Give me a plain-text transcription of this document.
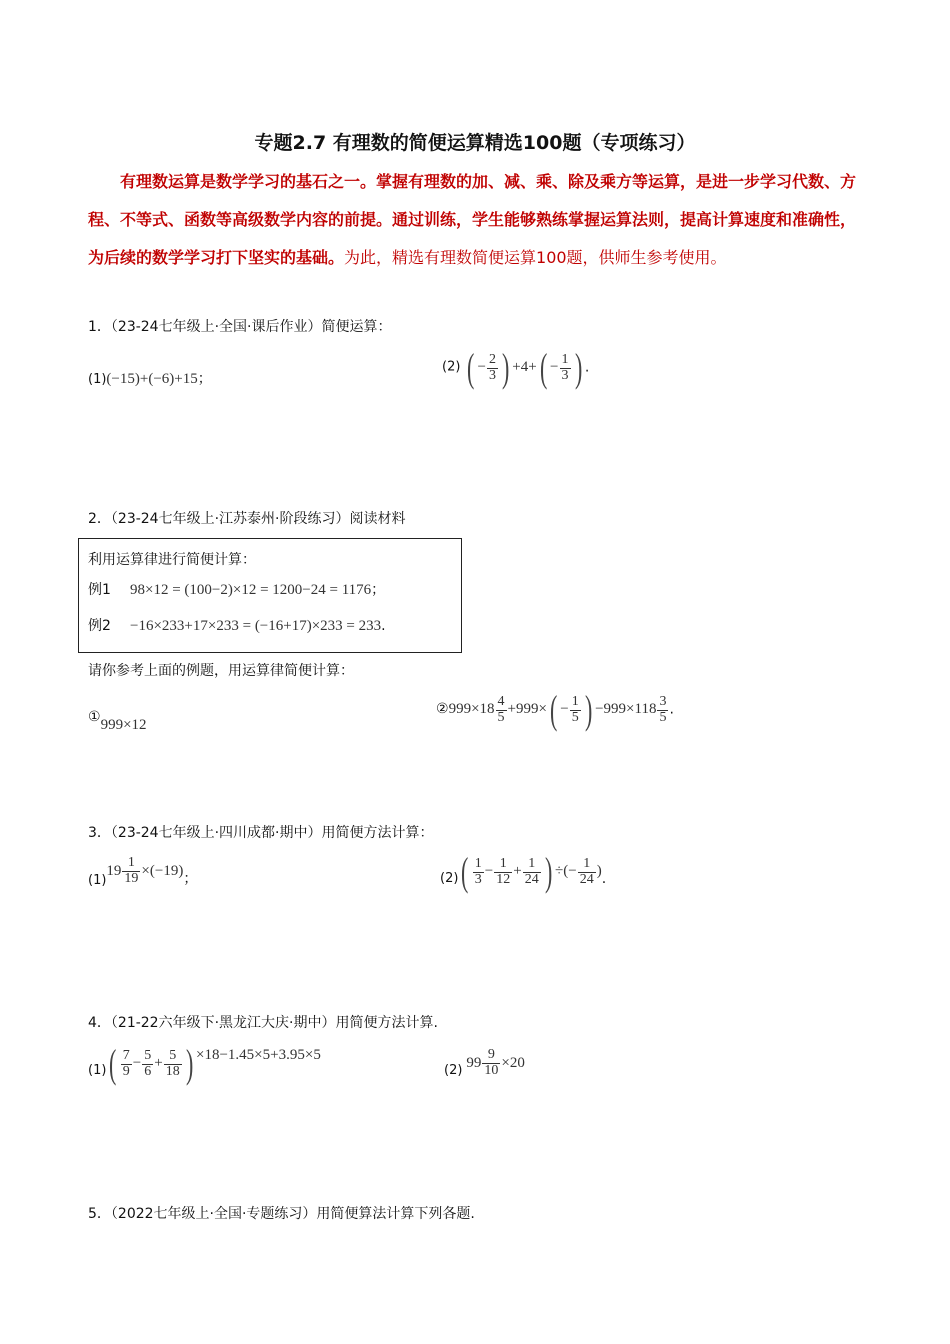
专题2.7 有理数的简便运算精选100题（专项练习）
有理数运算是数学学习的基石之一。掌握有理数的加、减、乘、除及乘方等运算，是进一步学习代数、方程、不等式、函数等高级数学内容的前提。通过训练，学生能够熟练掌握运算法则，提高计算速度和准确性，为后续的数学学习打下坚实的基础。为此，精选有理数简便运算100题，供师生参考使用。
1．（23-24七年级上·全国·课后作业）简便运算：
(1)(−15)+(−6)+15；
(2) ( − $\frac{2}{3}$ ) $+4+( - \frac{1}{3}$ ) .
2．（23-24七年级上·江苏泰州·阶段练习）阅读材料
利用运算律进行简便计算：
例1 98×12 = (100−2)×12 = 1200−24 = 1176；
例2 −16×233+17×233 = (−16+17)×233 = 233.
请你参考上面的例题，用运算律简便计算：
①999×12
②999×18 $\frac{4}{5} +999\times( - \frac{1}{5}$ ) $-999\times 118 \frac{3}{5}$ .
3．（23-24七年级上·四川成都·期中）用简便方法计算：
$_{(1)}19 \frac{1}{19} \times(-19)$；	$_{(2)}( \frac{1}{3} - \frac{1}{12} + \frac{1}{24}$ ) ÷(− $\frac{1}{24}$ ).
4．（21-22六年级下·黑龙江大庆·期中）用简便方法计算.
$_{(1)}( \frac{7}{9} - \frac{5}{6} + \frac{5}{18}$ ) ×18−1.45×5+3.95×5
$_{(2)}$ $99 \frac{9}{10} \times 20$
5．（2022七年级上·全国·专题练习）用简便算法计算下列各题.
